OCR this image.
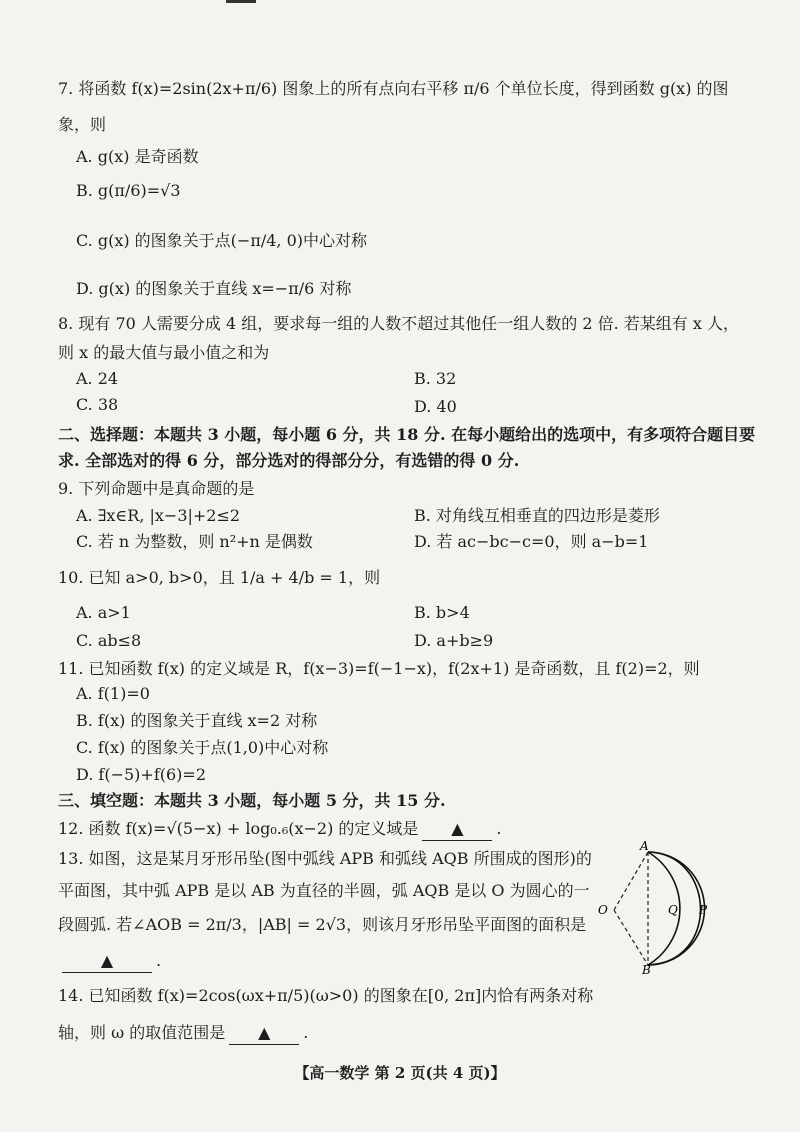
7. 将函数 f(x)=2sin(2x+π/6) 图象上的所有点向右平移 π/6 个单位长度，得到函数 g(x) 的图
象，则
A. g(x) 是奇函数
B. g(π/6)=√3
C. g(x) 的图象关于点(−π/4, 0)中心对称
D. g(x) 的图象关于直线 x=−π/6 对称
8. 现有 70 人需要分成 4 组，要求每一组的人数不超过其他任一组人数的 2 倍. 若某组有 x 人，
则 x 的最大值与最小值之和为
A. 24	B. 32
C. 38	D. 40
二、选择题：本题共 3 小题，每小题 6 分，共 18 分. 在每小题给出的选项中，有多项符合题目要
求. 全部选对的得 6 分，部分选对的得部分分，有选错的得 0 分.
9. 下列命题中是真命题的是
A. ∃x∈R, |x−3|+2≤2	B. 对角线互相垂直的四边形是菱形
C. 若 n 为整数，则 n²+n 是偶数	D. 若 ac−bc−c=0，则 a−b=1
10. 已知 a>0, b>0，且 1/a + 4/b = 1，则
A. a>1	B. b>4
C. ab≤8	D. a+b≥9
11. 已知函数 f(x) 的定义域是 R，f(x−3)=f(−1−x)，f(2x+1) 是奇函数，且 f(2)=2，则
A. f(1)=0
B. f(x) 的图象关于直线 x=2 对称
C. f(x) 的图象关于点(1,0)中心对称
D. f(−5)+f(6)=2
三、填空题：本题共 3 小题，每小题 5 分，共 15 分.
12. 函数 f(x)=√(5−x) + log₀.₆(x−2) 的定义域是 ▲ .
13. 如图，这是某月牙形吊坠(图中弧线 APB 和弧线 AQB 所围成的图形)的
平面图，其中弧 APB 是以 AB 为直径的半圆，弧 AQB 是以 O 为圆心的一
段圆弧. 若∠AOB = 2π/3，|AB| = 2√3，则该月牙形吊坠平面图的面积是
▲	.
A
B
O	Q P
14. 已知函数 f(x)=2cos(ωx+π/5)(ω>0) 的图象在[0, 2π]内恰有两条对称
轴，则 ω 的取值范围是 ▲ .
【高一数学 第 2 页(共 4 页)】
